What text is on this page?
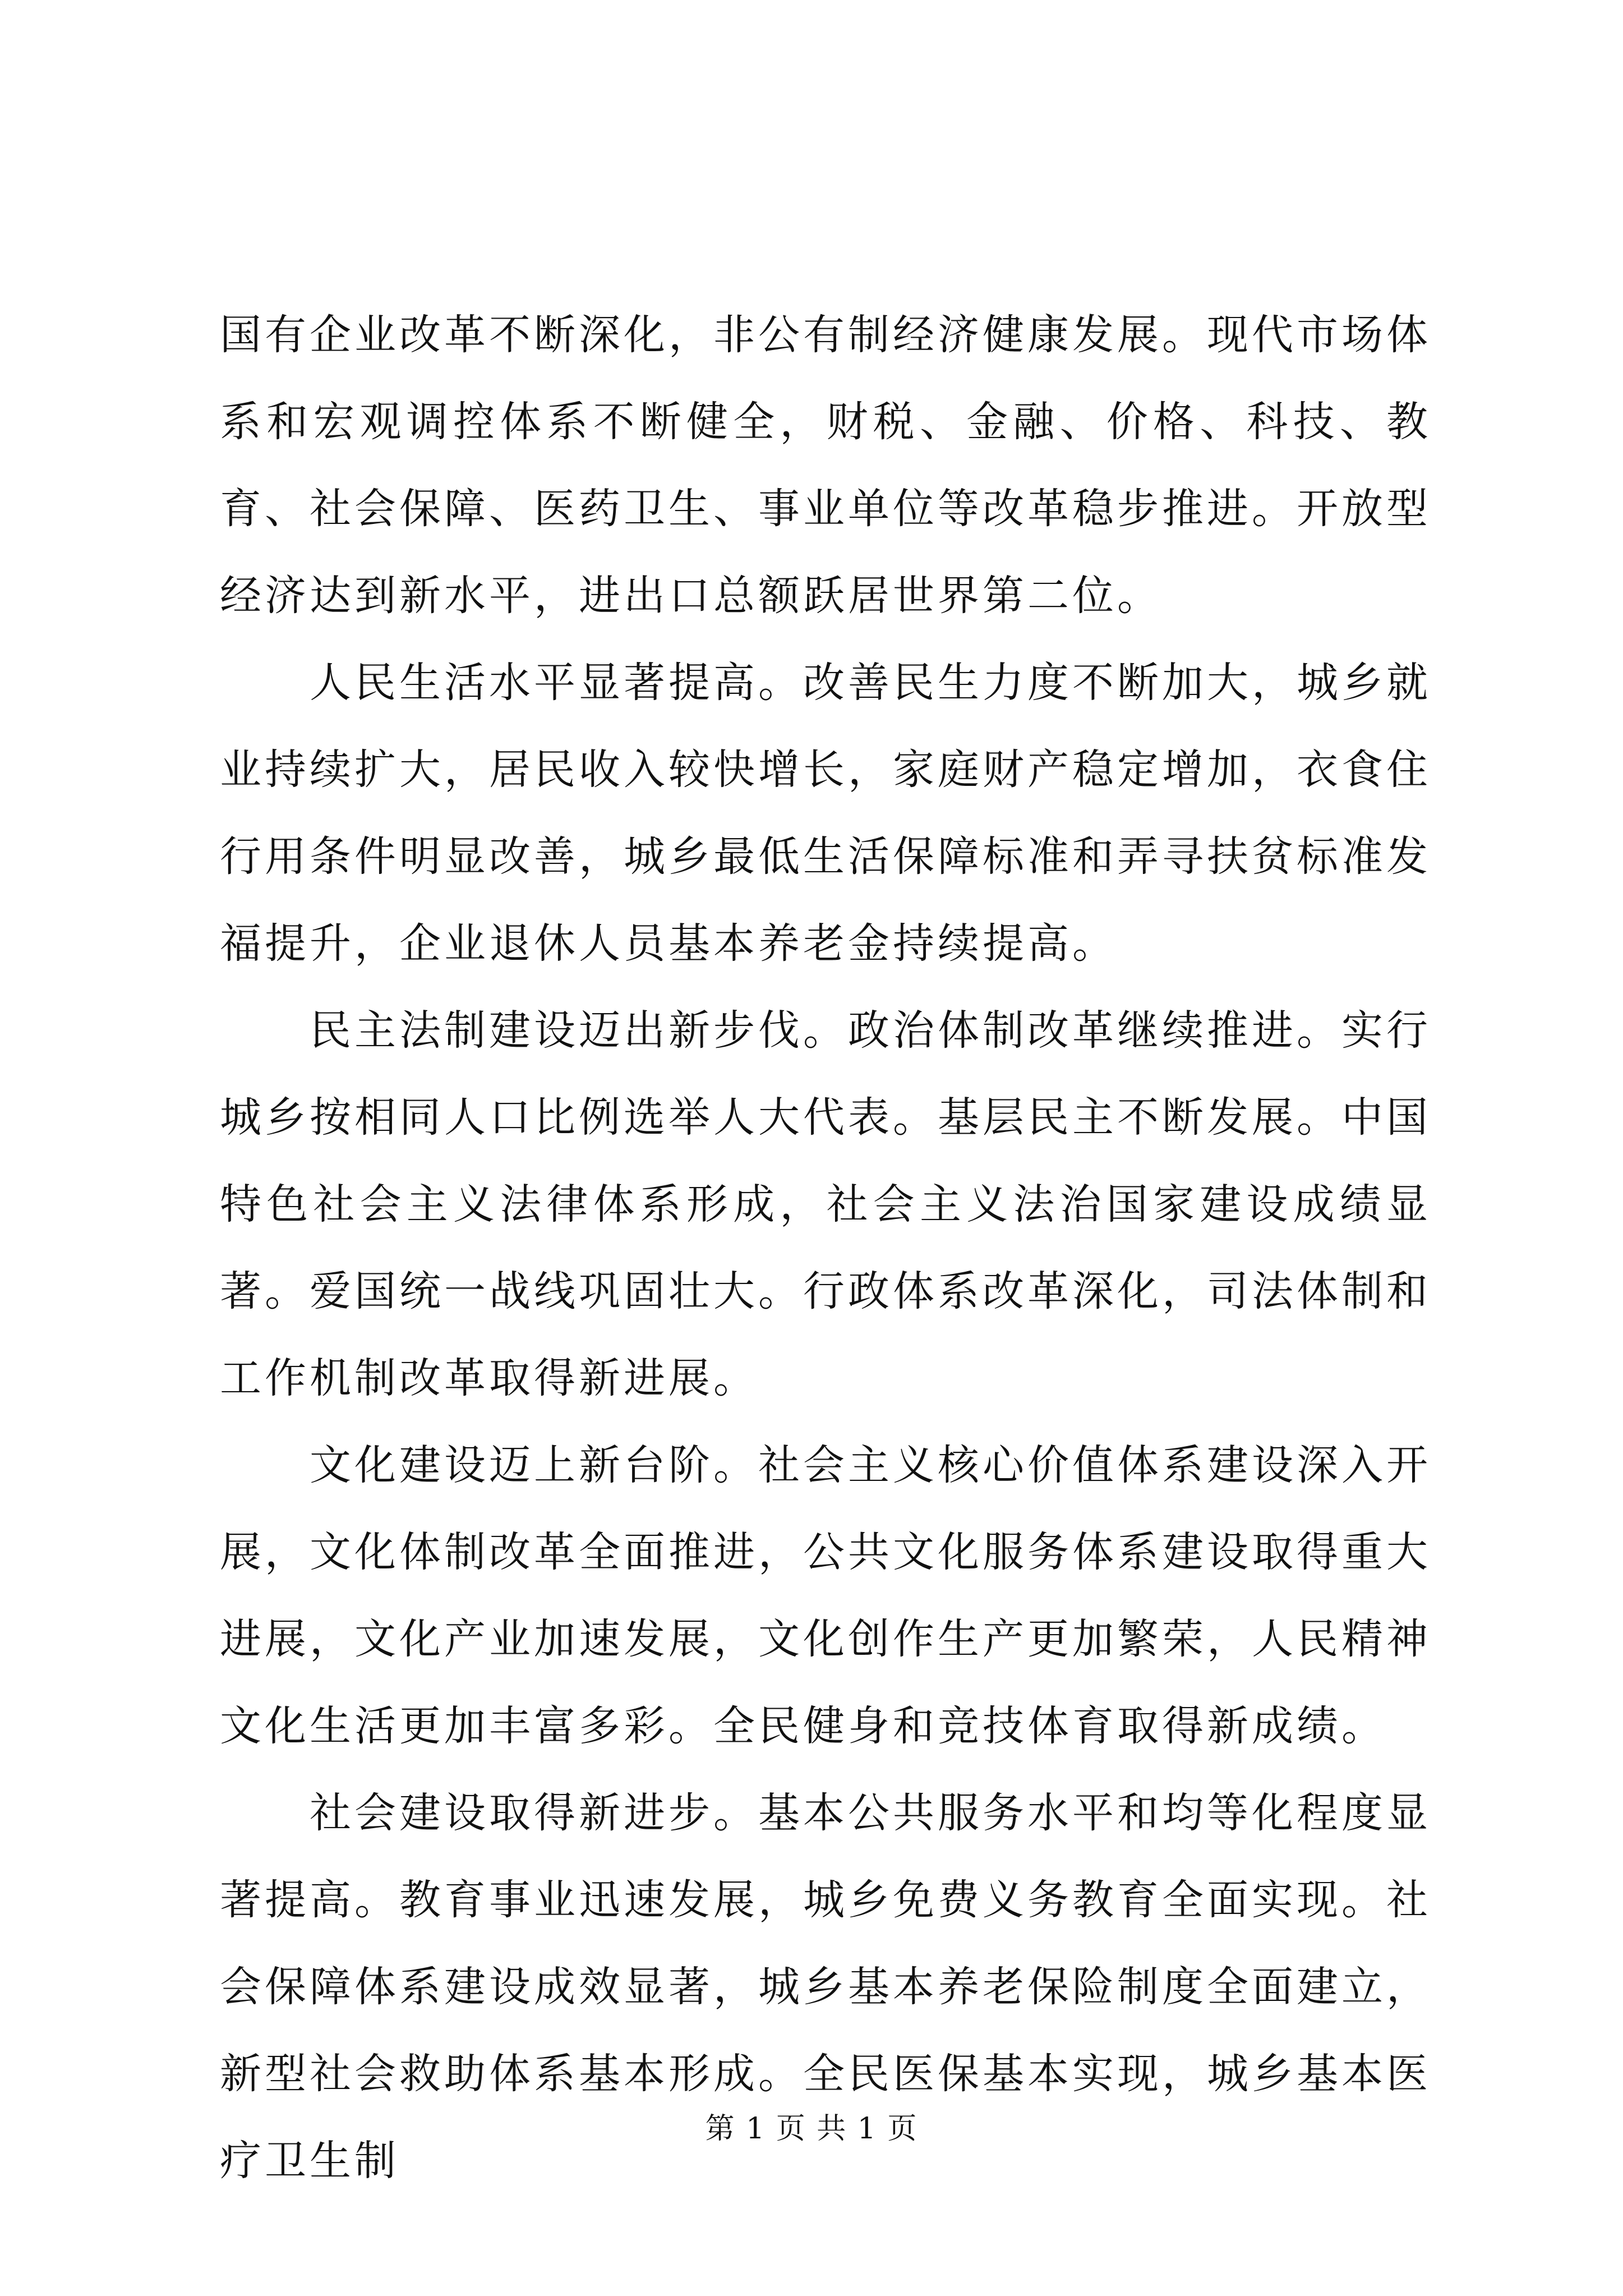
国有企业改革不断深化，非公有制经济健康发展。现代市场体系和宏观调控体系不断健全，财税、金融、价格、科技、教育、社会保障、医药卫生、事业单位等改革稳步推进。开放型经济达到新水平，进出口总额跃居世界第二位。

人民生活水平显著提高。改善民生力度不断加大，城乡就业持续扩大，居民收入较快增长，家庭财产稳定增加，衣食住行用条件明显改善，城乡最低生活保障标准和弄寻扶贫标准发福提升，企业退休人员基本养老金持续提高。

民主法制建设迈出新步伐。政治体制改革继续推进。实行城乡按相同人口比例选举人大代表。基层民主不断发展。中国特色社会主义法律体系形成，社会主义法治国家建设成绩显著。爱国统一战线巩固壮大。行政体系改革深化，司法体制和工作机制改革取得新进展。

文化建设迈上新台阶。社会主义核心价值体系建设深入开展，文化体制改革全面推进，公共文化服务体系建设取得重大进展，文化产业加速发展，文化创作生产更加繁荣，人民精神文化生活更加丰富多彩。全民健身和竞技体育取得新成绩。

社会建设取得新进步。基本公共服务水平和均等化程度显著提高。教育事业迅速发展，城乡免费义务教育全面实现。社会保障体系建设成效显著，城乡基本养老保险制度全面建立，新型社会救助体系基本形成。全民医保基本实现，城乡基本医疗卫生制

第 1 页 共 1 页
